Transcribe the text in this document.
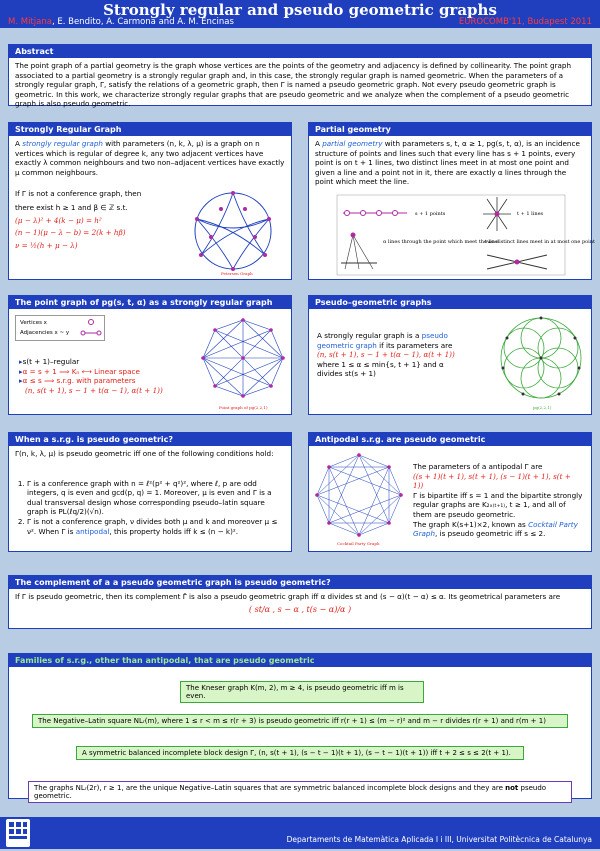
Strongly regular and pseudo geometric graphs
M. Mitjana, E. Bendito, A. Carmona and A. M. Encinas	EUROCOMB'11, Budapest 2011
Abstract
The point graph of a partial geometry is the graph whose vertices are the points of the geometry and adjacency is defined by collinearity. The point graph associated to a partial geometry is a strongly regular graph and, in this case, the strongly regular graph is named geometric. When the parameters of a strongly regular graph, Γ, satisfy the relations of a geometric graph, then Γ is named a pseudo geometric graph. Not every pseudo geometric graph is geometric. In this work, we characterize strongly regular graphs that are pseudo geometric and we analyze when the complement of a pseudo geometric graph is also pseudo geometric.
Strongly Regular Graph
A strongly regular graph with parameters (n, k, λ, μ) is a graph on n vertices which is regular of degree k, any two adjacent vertices have exactly λ common neighbours and two non–adjacent vertices have exactly μ common neighbours.
If Γ is not a conference graph, then
there exist h ≥ 1 and β ∈ ℤ s.t.
(μ − λ)² + 4(k − μ) = h²
(n − 1)(μ − λ − b) = 2(k + hβ)
ν = ½(h + μ − λ)
Petersen Graph
Partial geometry
A partial geometry with parameters s, t, α ≥ 1, pg(s, t, α), is an incidence structure of points and lines such that every line has s + 1 points, every point is on t + 1 lines, two distinct lines meet in at most one point and given a line and a point not in it, there are exactly α lines through the point which meet the line.
s + 1 points	t + 1 lines
α lines through the point which meet the line
two distinct lines meet in at most one point
The point graph of pg(s, t, α) as a strongly regular graph
Vertices x
Adjacencies x ~ y
▸ s(t + 1)–regular
▸ α = s + 1 ⟹ Kₙ ⟷ Linear space
▸ α ≤ s ⟹ s.r.g. with parameters
(n, s(t + 1), s − 1 + t(α − 1), α(t + 1))
Point graph of pg(2,2,1)
Pseudo–geometric graphs
A strongly regular graph is a pseudo geometric graph if its parameters are
(n, s(t + 1), s − 1 + t(α − 1), α(t + 1))
where 1 ≤ α ≤ min{s, t + 1} and α divides st(s + 1)
pg(2,2,1)
When a s.r.g. is pseudo geometric?
Γ(n, k, λ, μ) is pseudo geometric iff one of the following conditions hold:
1. Γ is a conference graph with n = ℓ²(p² + q²)², where ℓ, p are odd integers, q is even and gcd(p, q) = 1. Moreover, μ is even and Γ is a dual transversal design whose corresponding pseudo–latin square graph is PL(ℓq/2)(√n).
2. Γ is not a conference graph, ν divides both μ and k and moreover μ ≤ ν². When Γ is antipodal, this property holds iff k ≤ (n − k)².
Antipodal s.r.g. are pseudo geometric
Cocktail Party Graph
The parameters of a antipodal Γ are
((s + 1)(t + 1), s(t + 1), (s − 1)(t + 1), s(t + 1))
Γ is bipartite iff s = 1 and the bipartite strongly regular graphs are K₂ₓ₍ₜ₊₁₎, t ≥ 1, and all of them are pseudo geometric.
The graph K(s+1)×2, known as Cocktail Party Graph, is pseudo geometric iff s ≤ 2.
The complement of a a pseudo geometric graph is pseudo geometric?
If Γ is pseudo geometric, then its complement Γ̄ is also a pseudo geometric graph iff α divides st and (s − α)(t − α) ≤ α. Its geometrical parameters are
( st/α , s − α , t(s − α)/α )
Families of s.r.g., other than antipodal, that are pseudo geometric
The Kneser graph K(m, 2), m ≥ 4, is pseudo geometric iff m is even.
The Negative–Latin square NLᵣ(m), where 1 ≤ r < m ≤ r(r + 3) is pseudo geometric iff r(r + 1) ≤ (m − r)² and m − r divides r(r + 1) and r(m + 1)
A symmetric balanced incomplete block design Γ, (n, s(t + 1), (s − t − 1)(t + 1), (s − t − 1)(t + 1)) iff t + 2 ≤ s ≤ 2(t + 1).
The graphs NLᵣ(2r), r ≥ 1, are the unique Negative–Latin squares that are symmetric balanced incomplete block designs and they are not pseudo geometric.
Departaments de Matemàtica Aplicada I i III, Universitat Politècnica de Catalunya
